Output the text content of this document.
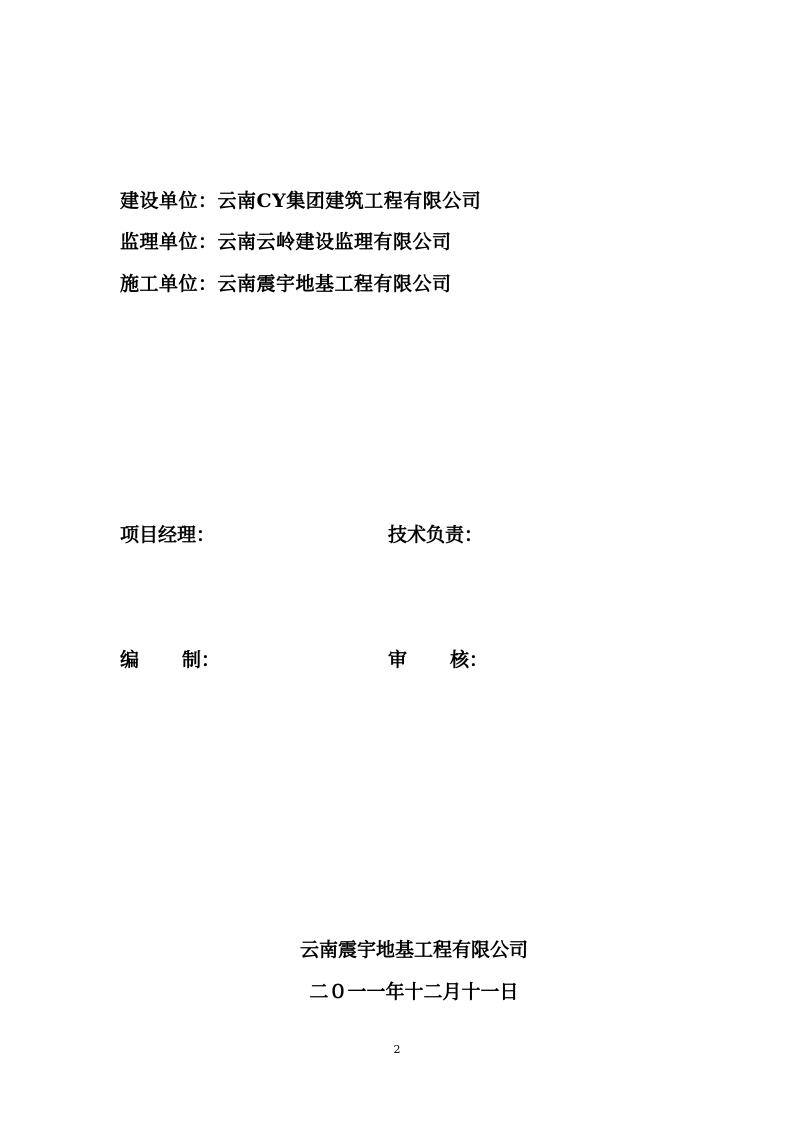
建设单位：云南CY集团建筑工程有限公司
监理单位：云南云岭建设监理有限公司
施工单位：云南震宇地基工程有限公司
项目经理：	技术负责：
编 制：	审 核：
云南震宇地基工程有限公司
二０一一年十二月十一日
2
